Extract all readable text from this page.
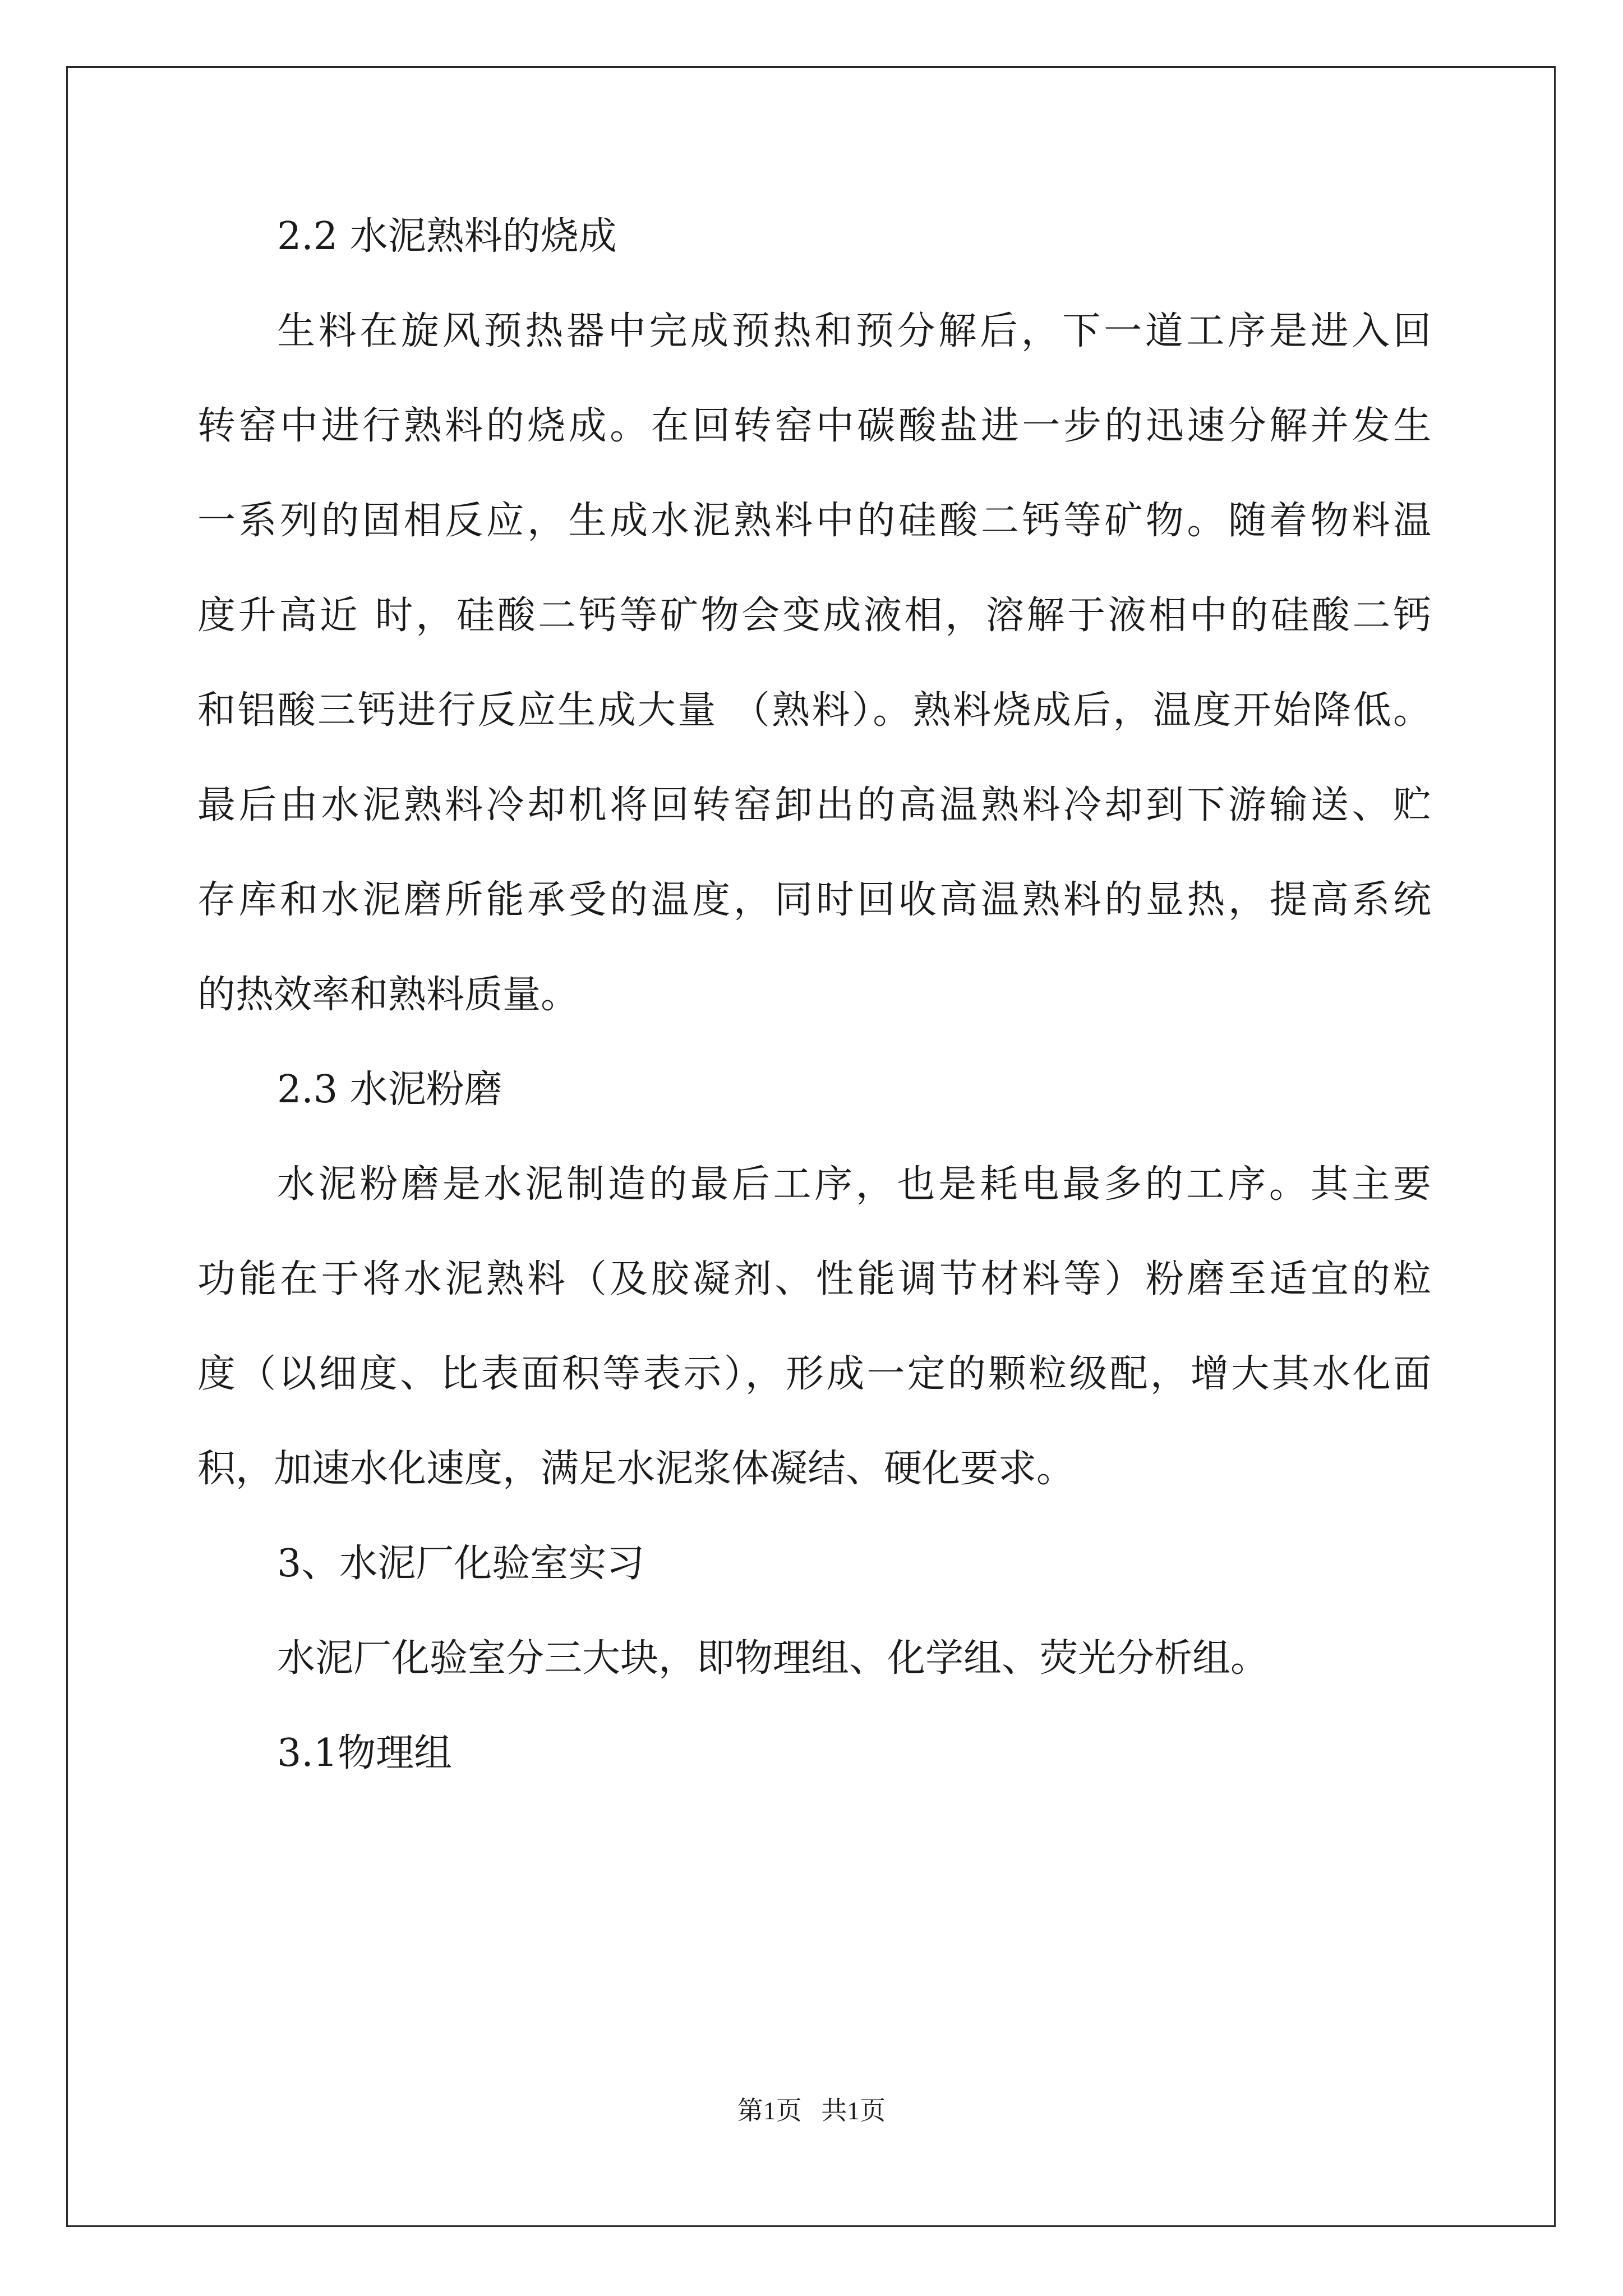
2.2 水泥熟料的烧成

生料在旋风预热器中完成预热和预分解后，下一道工序是进入回

转窑中进行熟料的烧成。在回转窑中碳酸盐进一步的迅速分解并发生

一系列的固相反应，生成水泥熟料中的硅酸二钙等矿物。随着物料温

度升高近 时，硅酸二钙等矿物会变成液相，溶解于液相中的硅酸二钙

和铝酸三钙进行反应生成大量 （熟料）。熟料烧成后，温度开始降低。

最后由水泥熟料冷却机将回转窑卸出的高温熟料冷却到下游输送、贮

存库和水泥磨所能承受的温度，同时回收高温熟料的显热，提高系统

的热效率和熟料质量。

2.3 水泥粉磨

水泥粉磨是水泥制造的最后工序，也是耗电最多的工序。其主要

功能在于将水泥熟料（及胶凝剂、性能调节材料等）粉磨至适宜的粒

度（以细度、比表面积等表示），形成一定的颗粒级配，增大其水化面

积，加速水化速度，满足水泥浆体凝结、硬化要求。

3、水泥厂化验室实习

水泥厂化验室分三大块，即物理组、化学组、荧光分析组。

3.1物理组

第1页 共1页
